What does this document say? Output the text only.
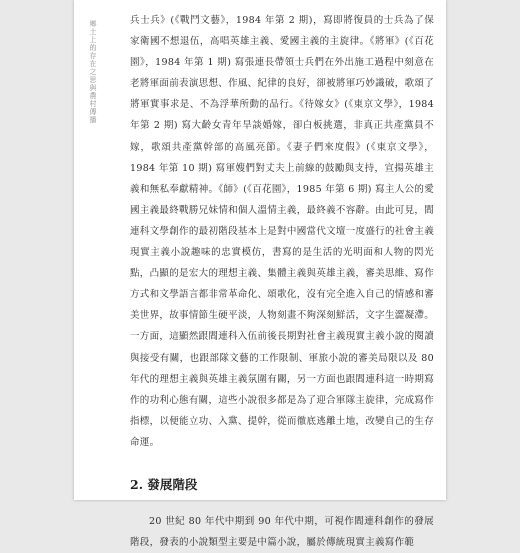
鄉土上的存在之思與農村傳播	兵士兵》(《戰鬥文藝》，1984 年第 2 期)，寫即將復員的士兵為了保家衛國不想退伍，高唱英雄主義、愛國主義的主旋律。《將軍》(《百花園》，1984 年第 1 期) 寫張連長帶領士兵們在外出施工過程中刻意在老將軍面前表演思想、作風、紀律的良好，卻被將軍巧妙識破，歌頌了將軍實事求是、不為浮華所動的品行。《待嫁女》(《東京文學》，1984 年第 2 期) 寫大齡女青年旱談婚嫁，卻白板挑選，非真正共產黨員不嫁，歌頌共產黨幹部的高風亮節。《妻子們來度假》(《東京文學》，1984 年第 10 期) 寫軍嫂們對丈夫上前線的鼓勵與支持，宣揚英雄主義和無私奉獻精神。《師》(《百花園》，1985 年第 6 期) 寫主人公的愛國主義最終戰勝兄妹情和個人溫情主義，最終義不容辭。由此可見，閻連科文學創作的最初階段基本上是對中國當代文壇一度盛行的社會主義現實主義小說趣味的忠實模仿，書寫的是生活的光明面和人物的閃光點，凸顯的是宏大的理想主義、集體主義與英雄主義，審美思維、寫作方式和文學語言都非常革命化、頌歌化，沒有完全進入自己的情感和審美世界，故事情節生硬平淡，人物刻畫不夠深刻鮮活，文字生澀凝滯。一方面，這顯然跟閻連科入伍前後長期對社會主義現實主義小說的閱讀與接受有關，也跟部隊文藝的工作限制、軍旅小說的審美局限以及 80 年代的理想主義與英雄主義氛圍有關，另一方面也跟閻連科這一時期寫作的功利心態有關，這些小說很多都是為了迎合軍隊主旋律，完成寫作指標，以便能立功、入黨、提幹，從而徹底逃離土地，改變自己的生存命運。

2. 發展階段

20 世紀 80 年代中期到 90 年代中期，可視作閻連科創作的發展階段，發表的小說類型主要是中篇小說，屬於傳統現實主義寫作範
